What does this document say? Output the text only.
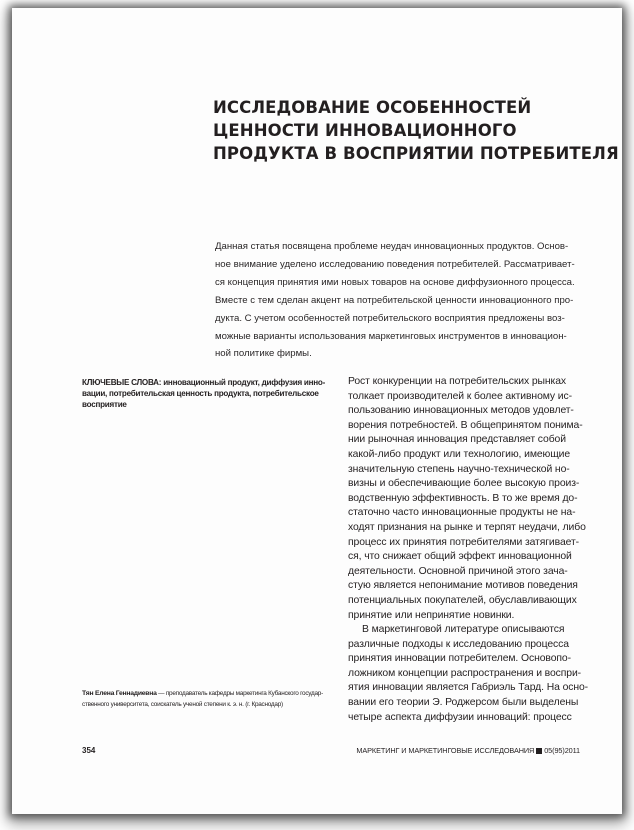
ИССЛЕДОВАНИЕ ОСОБЕННОСТЕЙ
ЦЕННОСТИ ИННОВАЦИОННОГО
ПРОДУКТА В ВОСПРИЯТИИ ПОТРЕБИТЕЛЯ
Данная статья посвящена проблеме неудач инновационных продуктов. Основ-
ное внимание уделено исследованию поведения потребителей. Рассматривает-
ся концепция принятия ими новых товаров на основе диффузионного процесса.
Вместе с тем сделан акцент на потребительской ценности инновационного про-
дукта. С учетом особенностей потребительского восприятия предложены воз-
можные варианты использования маркетинговых инструментов в инновацион-
ной политике фирмы.
КЛЮЧЕВЫЕ СЛОВА: инновационный продукт, диффузия инно-
вации, потребительская ценность продукта, потребительское
восприятие
Рост конкуренции на потребительских рынках
толкает производителей к более активному ис-
пользованию инновационных методов удовлет-
ворения потребностей. В общепринятом понима-
нии рыночная инновация представляет собой
какой-либо продукт или технологию, имеющие
значительную степень научно-технической но-
визны и обеспечивающие более высокую произ-
водственную эффективность. В то же время до-
статочно часто инновационные продукты не на-
ходят признания на рынке и терпят неудачи, либо
процесс их принятия потребителями затягивает-
ся, что снижает общий эффект инновационной
деятельности. Основной причиной этого зача-
стую является непонимание мотивов поведения
потенциальных покупателей, обуславливающих
принятие или непринятие новинки.
В маркетинговой литературе описываются
различные подходы к исследованию процесса
принятия инновации потребителем. Основопо-
ложником концепции распространения и воспри-
ятия инновации является Габриэль Тард. На осно-
вании его теории Э. Роджерсом были выделены
четыре аспекта диффузии инноваций: процесс
Тян Елена Геннадиевна — преподаватель кафедры маркетинга Кубанского государ-
ственного университета, соискатель ученой степени к. э. н. (г. Краснодар)
354	МАРКЕТИНГ И МАРКЕТИНГОВЫЕ ИССЛЕДОВАНИЯ 05(95)2011
